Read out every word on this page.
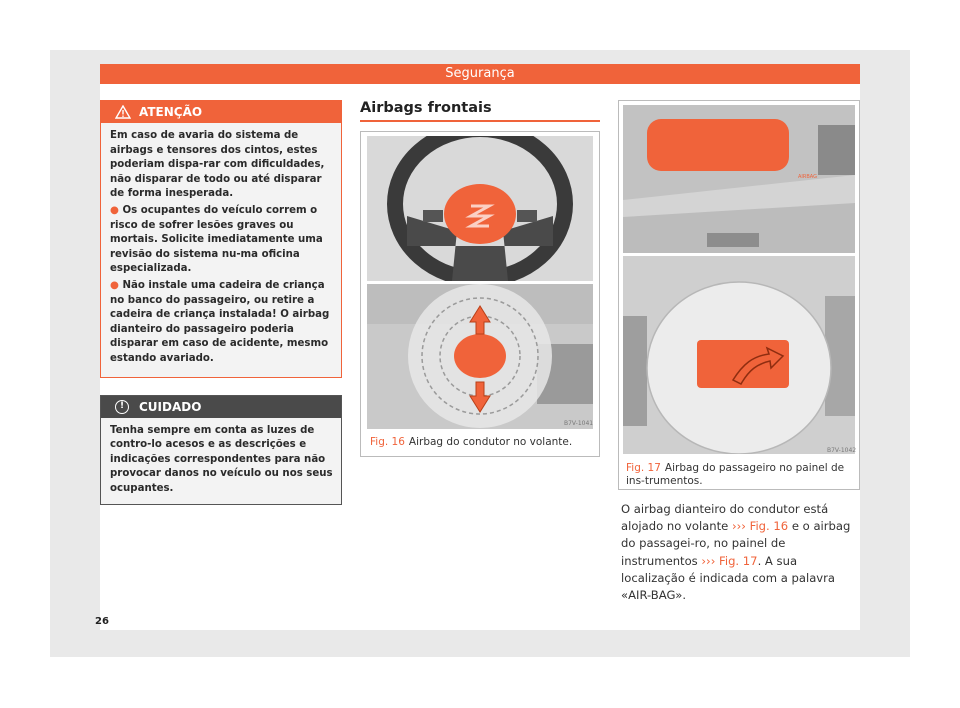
Segurança
ATENÇÃO

Em caso de avaria do sistema de airbags e tensores dos cintos, estes poderiam dispa-rar com dificuldades, não disparar de todo ou até disparar de forma inesperada.

● Os ocupantes do veículo correm o risco de sofrer lesões graves ou mortais. Solicite imediatamente uma revisão do sistema nu-ma oficina especializada.

● Não instale uma cadeira de criança no banco do passageiro, ou retire a cadeira de criança instalada! O airbag dianteiro do passageiro poderia disparar em caso de acidente, mesmo estando avariado.

!	CUIDADO
Tenha sempre em conta as luzes de contro-lo acesos e as descrições e indicações correspondentes para não provocar danos no veículo ou nos seus ocupantes.
Airbags frontais
B7V-1041
Fig. 16 Airbag do condutor no volante.
AIRBAG
B7V-1042
Fig. 17 Airbag do passageiro no painel de ins-trumentos.
O airbag dianteiro do condutor está alojado no volante ››› Fig. 16 e o airbag do passagei-ro, no painel de instrumentos ››› Fig. 17. A sua localização é indicada com a palavra «AIR-BAG».
26
